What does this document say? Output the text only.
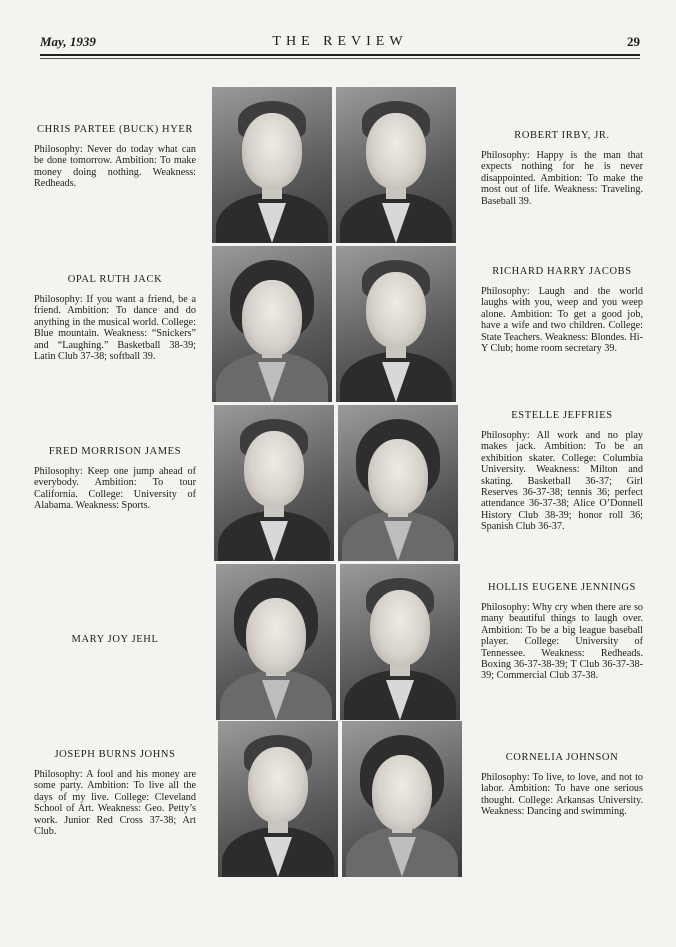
May, 1939	THE REVIEW	29
CHRIS PARTEE (BUCK) HYER
Philosophy: Never do today what can be done tomorrow. Ambition: To make money doing nothing. Weakness: Redheads.
ROBERT IRBY, JR.
Philosophy: Happy is the man that expects nothing for he is never disappointed. Ambition: To make the most out of life. Weakness: Traveling. Baseball 39.
OPAL RUTH JACK
Philosophy: If you want a friend, be a friend. Ambition: To dance and do anything in the musical world. College: Blue mountain. Weakness: “Snickers” and “Laughing.” Basketball 38-39; Latin Club 37-38; softball 39.
RICHARD HARRY JACOBS
Philosophy: Laugh and the world laughs with you, weep and you weep alone. Ambition: To get a good job, have a wife and two children. College: State Teachers. Weakness: Blondes. Hi-Y Club; home room secretary 39.
FRED MORRISON JAMES
Philosophy: Keep one jump ahead of everybody. Ambition: To tour California. College: University of Alabama. Weakness: Sports.
ESTELLE JEFFRIES
Philosophy: All work and no play makes jack. Ambition: To be an exhibition skater. College: Columbia University. Weakness: Milton and skating. Basketball 36-37; Girl Reserves 36-37-38; tennis 36; perfect attendance 36-37-38; Alice O’Donnell History Club 38-39; honor roll 36; Spanish Club 36-37.
MARY JOY JEHL
HOLLIS EUGENE JENNINGS
Philosophy: Why cry when there are so many beautiful things to laugh over. Ambition: To be a big league baseball player. College: University of Tennessee. Weakness: Redheads. Boxing 36-37-38-39; T Club 36-37-38-39; Commercial Club 37-38.
JOSEPH BURNS JOHNS
Philosophy: A fool and his money are some party. Ambition: To live all the days of my live. College: Cleveland School of Art. Weakness: Geo. Petty’s work. Junior Red Cross 37-38; Art Club.
CORNELIA JOHNSON
Philosophy: To live, to love, and not to labor. Ambition: To have one serious thought. College: Arkansas University. Weakness: Dancing and swimming.
